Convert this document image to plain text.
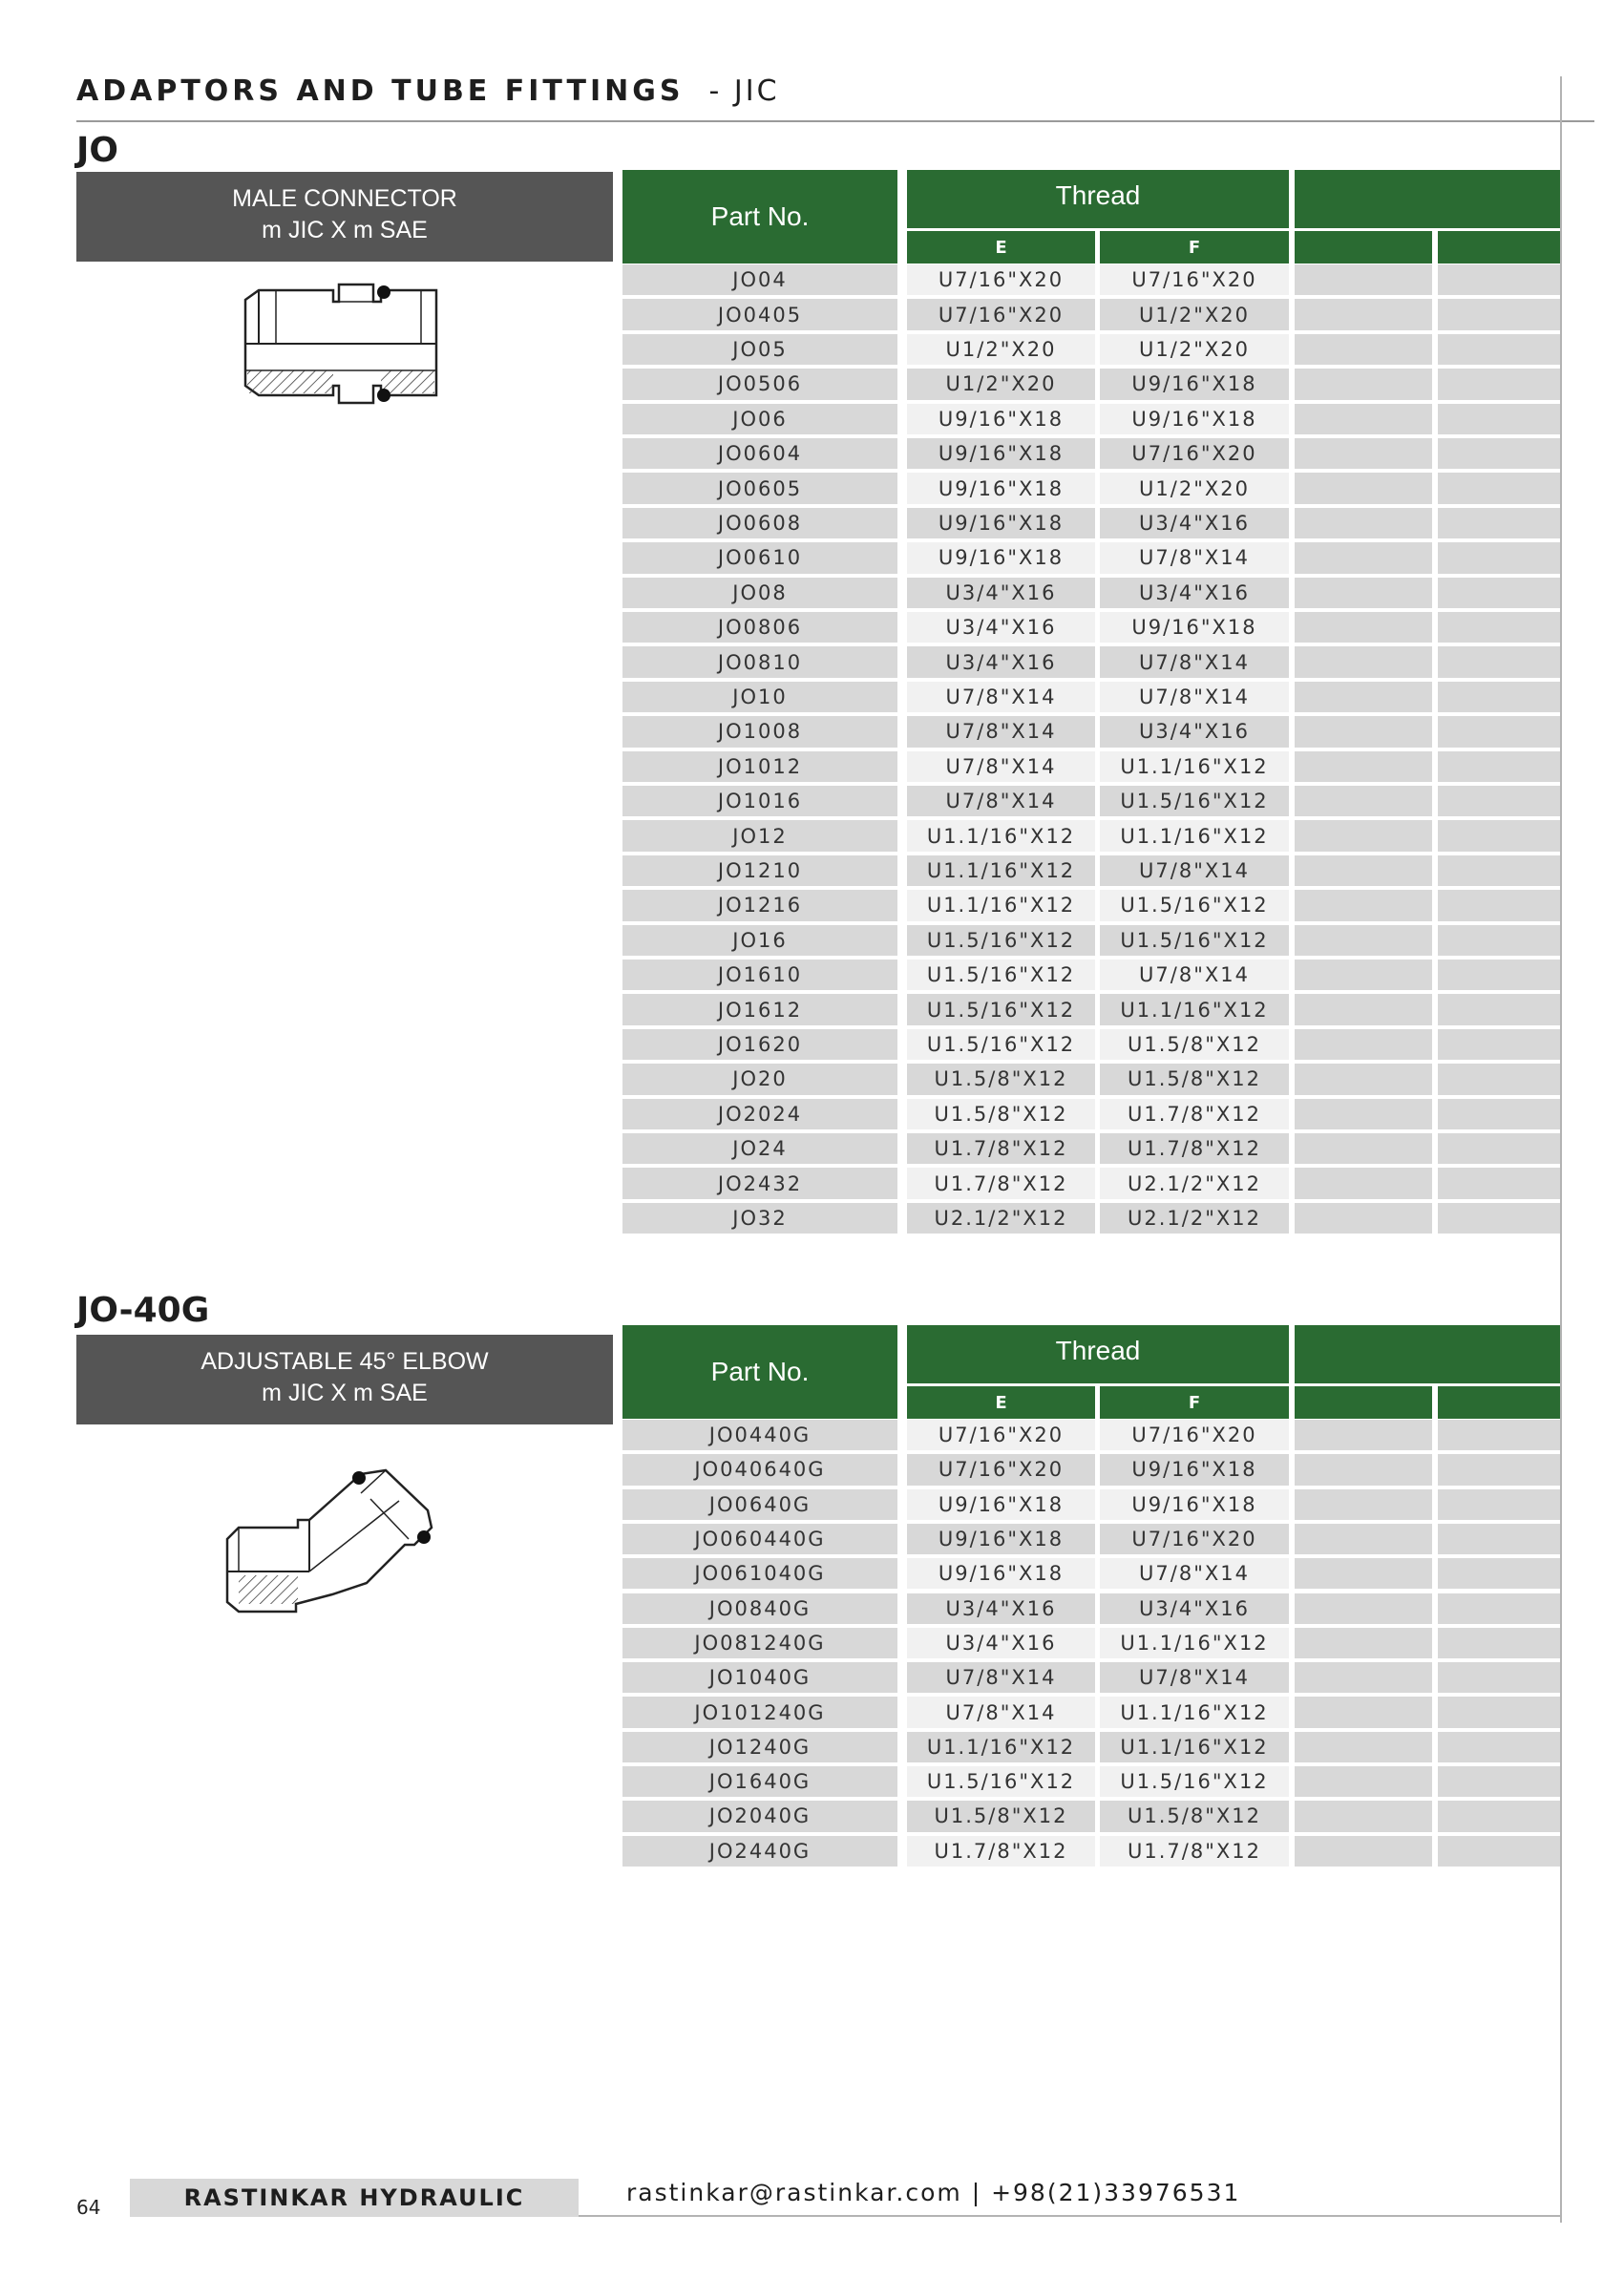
ADAPTORS AND TUBE FITTINGS - JIC
JO
MALE CONNECTOR
m JIC X m SAE	Part No.
Thread
E	F
JO04	U7/16"X20	U7/16"X20
JO0405	U7/16"X20	U1/2"X20
JO05	U1/2"X20	U1/2"X20
JO0506	U1/2"X20	U9/16"X18
JO06	U9/16"X18	U9/16"X18
JO0604	U9/16"X18	U7/16"X20
JO0605	U9/16"X18	U1/2"X20
JO0608	U9/16"X18	U3/4"X16
JO0610	U9/16"X18	U7/8"X14
JO08	U3/4"X16	U3/4"X16
JO0806	U3/4"X16	U9/16"X18
JO0810	U3/4"X16	U7/8"X14
JO10	U7/8"X14	U7/8"X14
JO1008	U7/8"X14	U3/4"X16
JO1012	U7/8"X14	U1.1/16"X12
JO1016	U7/8"X14	U1.5/16"X12
JO12	U1.1/16"X12	U1.1/16"X12
JO1210	U1.1/16"X12	U7/8"X14
JO1216	U1.1/16"X12	U1.5/16"X12
JO16	U1.5/16"X12	U1.5/16"X12
JO1610	U1.5/16"X12	U7/8"X14
JO1612	U1.5/16"X12	U1.1/16"X12
JO1620	U1.5/16"X12	U1.5/8"X12
JO20	U1.5/8"X12	U1.5/8"X12
JO2024	U1.5/8"X12	U1.7/8"X12
JO24	U1.7/8"X12	U1.7/8"X12
JO2432	U1.7/8"X12	U2.1/2"X12
JO32	U2.1/2"X12	U2.1/2"X12
JO-40G
ADJUSTABLE 45° ELBOW
m JIC X m SAE
Part No.
Thread
E	F
JO0440G	U7/16"X20	U7/16"X20
JO040640G	U7/16"X20	U9/16"X18
JO0640G	U9/16"X18	U9/16"X18
JO060440G	U9/16"X18	U7/16"X20
JO061040G	U9/16"X18	U7/8"X14
JO0840G	U3/4"X16	U3/4"X16
JO081240G	U3/4"X16	U1.1/16"X12
JO1040G	U7/8"X14	U7/8"X14
JO101240G	U7/8"X14	U1.1/16"X12
JO1240G	U1.1/16"X12	U1.1/16"X12
JO1640G	U1.5/16"X12	U1.5/16"X12
JO2040G	U1.5/8"X12	U1.5/8"X12
JO2440G	U1.7/8"X12	U1.7/8"X12
64	RASTINKAR HYDRAULIC	rastinkar@rastinkar.com | +98(21)33976531
